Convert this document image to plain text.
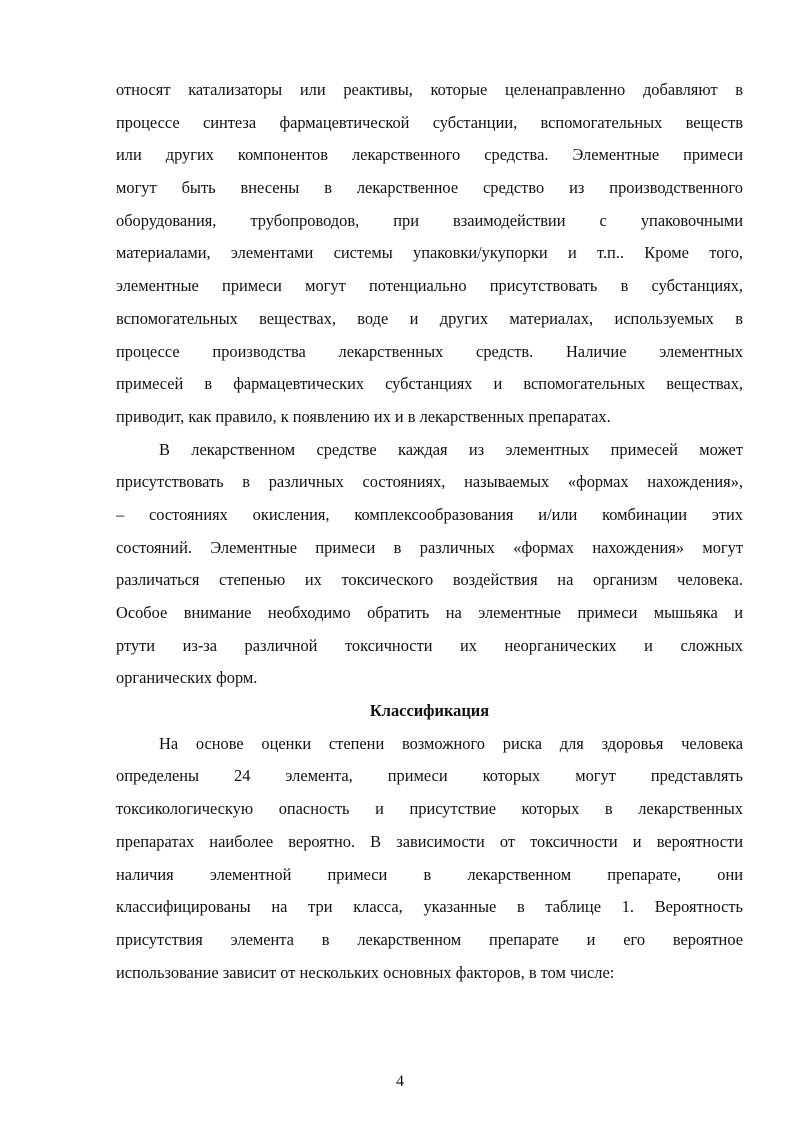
относят катализаторы или реактивы, которые целенаправленно добавляют в
процессе синтеза фармацевтической субстанции, вспомогательных веществ
или других компонентов лекарственного средства. Элементные примеси
могут быть внесены в лекарственное средство из производственного
оборудования, трубопроводов, при взаимодействии с упаковочными
материалами, элементами системы упаковки/укупорки и т.п.. Кроме того,
элементные примеси могут потенциально присутствовать в субстанциях,
вспомогательных веществах, воде и других материалах, используемых в
процессе производства лекарственных средств. Наличие элементных
примесей в фармацевтических субстанциях и вспомогательных веществах,
приводит, как правило, к появлению их и в лекарственных препаратах.
В лекарственном средстве каждая из элементных примесей может
присутствовать в различных состояниях, называемых «формах нахождения»,
– состояниях окисления, комплексообразования и/или комбинации этих
состояний. Элементные примеси в различных «формах нахождения» могут
различаться степенью их токсического воздействия на организм человека.
Особое внимание необходимо обратить на элементные примеси мышьяка и
ртути из-за различной токсичности их неорганических и сложных
органических форм.
Классификация
На основе оценки степени возможного риска для здоровья человека
определены 24 элемента, примеси которых могут представлять
токсикологическую опасность и присутствие которых в лекарственных
препаратах наиболее вероятно. В зависимости от токсичности и вероятности
наличия элементной примеси в лекарственном препарате, они
классифицированы на три класса, указанные в таблице 1. Вероятность
присутствия элемента в лекарственном препарате и его вероятное
использование зависит от нескольких основных факторов, в том числе:
4
